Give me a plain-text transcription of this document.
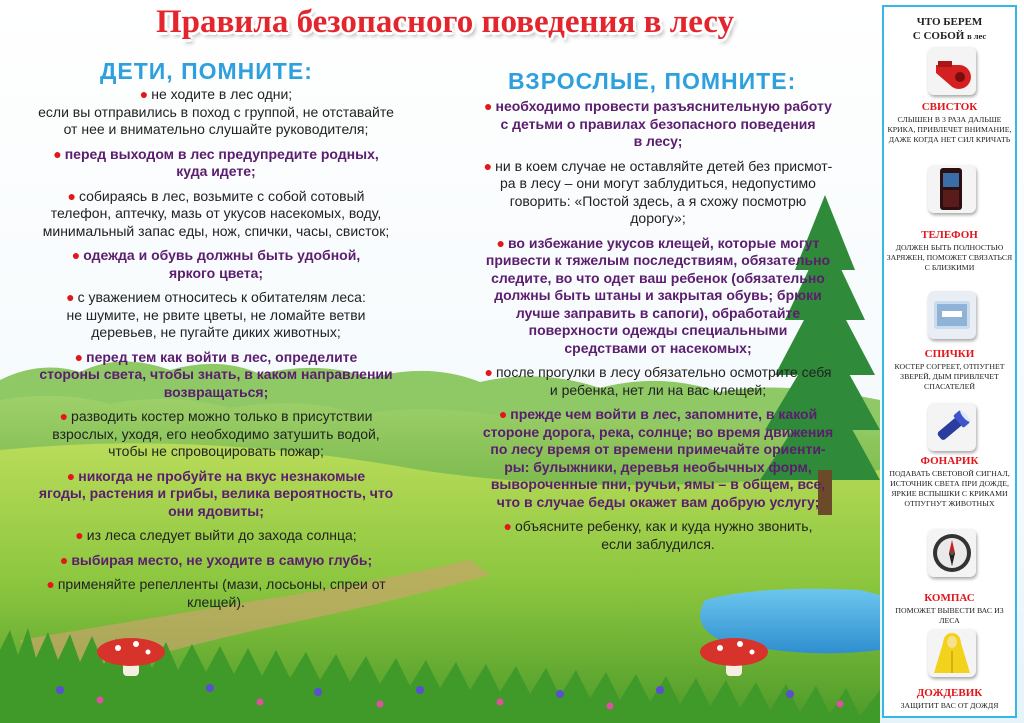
Правила безопасного поведения в лесу
ДЕТИ, ПОМНИТЕ:

● не ходите в лес одни;
если вы отправились в поход с группой, не отставайте
от нее и внимательно слушайте руководителя;

● перед выходом в лес предупредите родных,
куда идете;

● собираясь в лес, возьмите с собой сотовый
телефон, аптечку, мазь от укусов насекомых, воду,
минимальный запас еды, нож, спички, часы, свисток;

● одежда и обувь должны быть удобной,
яркого цвета;

● с уважением относитесь к обитателям леса:
не шумите, не рвите цветы, не ломайте ветви
деревьев, не пугайте диких животных;

● перед тем как войти в лес, определите
стороны света, чтобы знать, в каком направлении
возвращаться;

● разводить костер можно только в присутствии
взрослых, уходя, его необходимо затушить водой,
чтобы не спровоцировать пожар;

● никогда не пробуйте на вкус незнакомые
ягоды, растения и грибы, велика вероятность, что
они ядовиты;

● из леса следует выйти до захода солнца;

● выбирая место, не уходите в самую глубь;

● применяйте репелленты (мази, лосьоны, спреи от
клещей).

ВЗРОСЛЫЕ, ПОМНИТЕ:

● необходимо провести разъяснительную работу
с детьми о правилах безопасного поведения
в лесу;

● ни в коем случае не оставляйте детей без присмот-
ра в лесу – они могут заблудиться, недопустимо
говорить: «Постой здесь, а я схожу посмотрю
дорогу»;

● во избежание укусов клещей, которые могут
привести к тяжелым последствиям, обязательно
следите, во что одет ваш ребенок (обязательно
должны быть штаны и закрытая обувь; брюки
лучше заправить в сапоги), обработайте
поверхности одежды специальными
средствами от насекомых;

● после прогулки в лесу обязательно осмотрите себя
и ребенка, нет ли на вас клещей;

● прежде чем войти в лес, запомните, в какой
стороне дорога, река, солнце; во время движения
по лесу время от времени примечайте ориенти-
ры: булыжники, деревья необычных форм,
вывороченные пни, ручьи, ямы – в общем, все,
что в случае беды окажет вам добрую услугу;

● объясните ребенку, как и куда нужно звонить,
если заблудился.

ЧТО БЕРЕМ
С СОБОЙ в лес
СВИСТОК
СЛЫШЕН В 3 РАЗА ДАЛЬШЕ КРИКА, ПРИВЛЕЧЕТ ВНИМАНИЕ, ДАЖЕ КОГДА НЕТ СИЛ КРИЧАТЬ
ТЕЛЕФОН
ДОЛЖЕН БЫТЬ ПОЛНОСТЬЮ ЗАРЯЖЕН, ПОМОЖЕТ СВЯЗАТЬСЯ С БЛИЗКИМИ
СПИЧКИ
КОСТЕР СОГРЕЕТ, ОТПУГНЕТ ЗВЕРЕЙ, ДЫМ ПРИВЛЕЧЕТ СПАСАТЕЛЕЙ
ФОНАРИК
ПОДАВАТЬ СВЕТОВОЙ СИГНАЛ, ИСТОЧНИК СВЕТА ПРИ ДОЖДЕ, ЯРКИЕ ВСПЫШКИ С КРИКАМИ ОТПУГНУТ ЖИВОТНЫХ
КОМПАС
ПОМОЖЕТ ВЫВЕСТИ ВАС ИЗ ЛЕСА
ДОЖДЕВИК
ЗАЩИТИТ ВАС ОТ ДОЖДЯ
